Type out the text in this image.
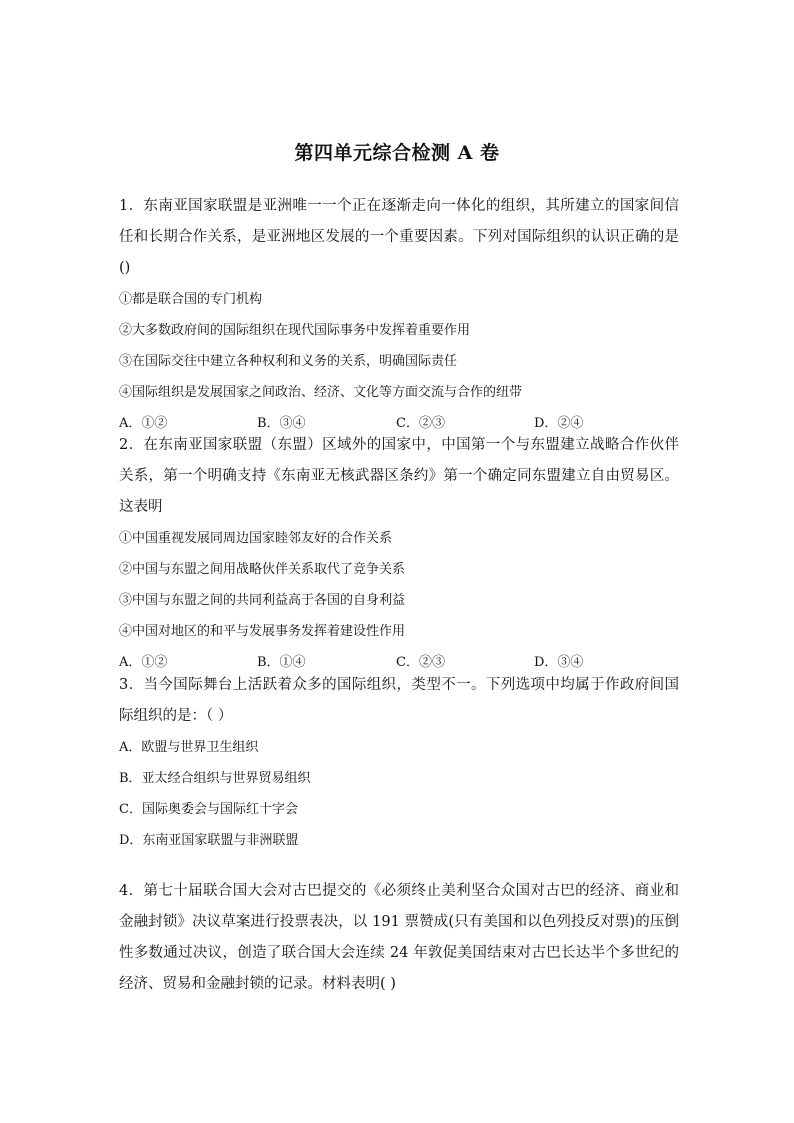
第四单元综合检测 A 卷

1．东南亚国家联盟是亚洲唯一一个正在逐渐走向一体化的组织，其所建立的国家间信任和长期合作关系，是亚洲地区发展的一个重要因素。下列对国际组织的认识正确的是()

①都是联合国的专门机构

②大多数政府间的国际组织在现代国际事务中发挥着重要作用

③在国际交往中建立各种权利和义务的关系，明确国际责任

④国际组织是发展国家之间政治、经济、文化等方面交流与合作的纽带

A．①②	B．③④	C．②③	D．②④

2．在东南亚国家联盟（东盟）区域外的国家中，中国第一个与东盟建立战略合作伙伴关系，第一个明确支持《东南亚无核武器区条约》第一个确定同东盟建立自由贸易区。这表明

①中国重视发展同周边国家睦邻友好的合作关系

②中国与东盟之间用战略伙伴关系取代了竞争关系

③中国与东盟之间的共同利益高于各国的自身利益

④中国对地区的和平与发展事务发挥着建设性作用

A．①②	B．①④	C．②③	D．③④

3．当今国际舞台上活跃着众多的国际组织，类型不一。下列选项中均属于作政府间国际组织的是：（ ）

A．欧盟与世界卫生组织

B．亚太经合组织与世界贸易组织

C．国际奥委会与国际红十字会

D．东南亚国家联盟与非洲联盟

4．第七十届联合国大会对古巴提交的《必须终止美利坚合众国对古巴的经济、商业和金融封锁》决议草案进行投票表决，以 191 票赞成(只有美国和以色列投反对票)的压倒性多数通过决议，创造了联合国大会连续 24 年敦促美国结束对古巴长达半个多世纪的经济、贸易和金融封锁的记录。材料表明( )
